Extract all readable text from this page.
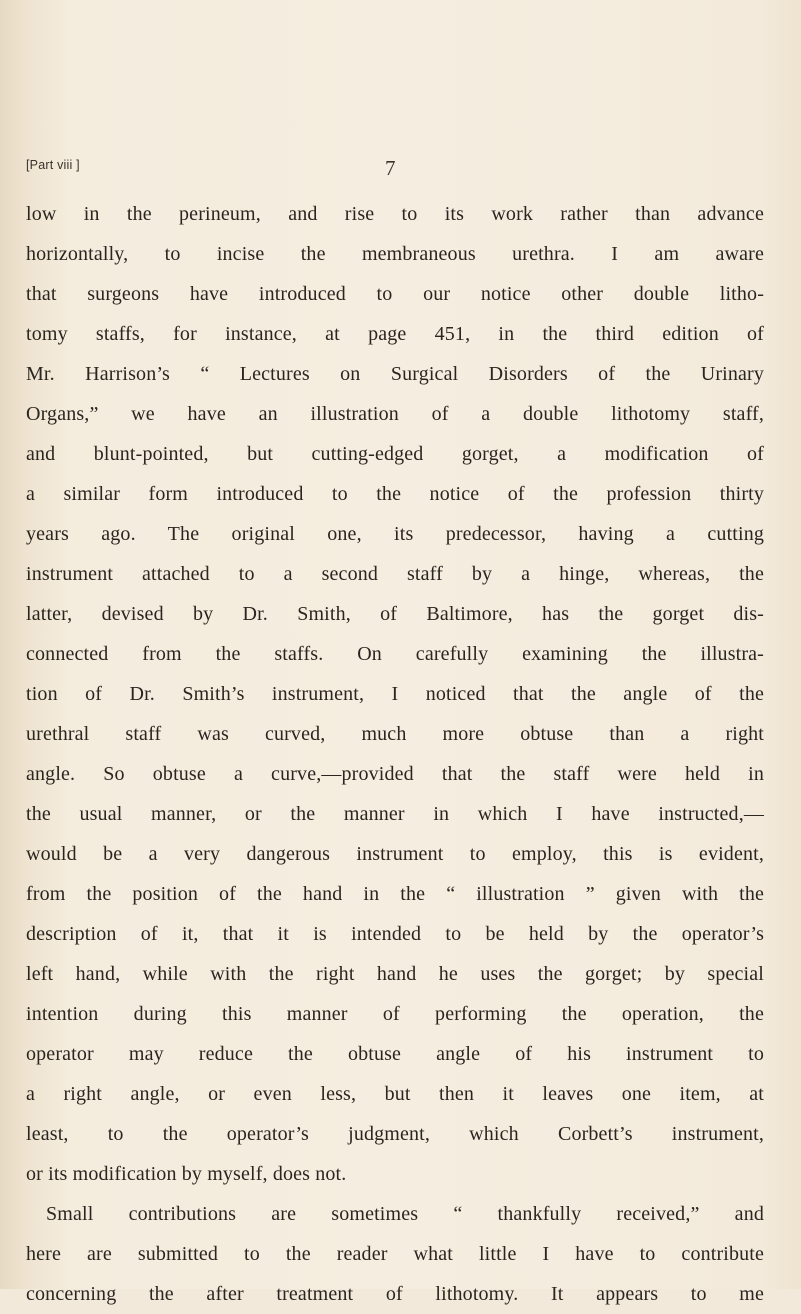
[Part viii ]	7
low in the perineum, and rise to its work rather than advance
horizontally, to incise the membraneous urethra. I am aware
that surgeons have introduced to our notice other double litho-
tomy staffs, for instance, at page 451, in the third edition of
Mr. Harrison’s “ Lectures on Surgical Disorders of the Urinary
Organs,” we have an illustration of a double lithotomy staff,
and blunt-pointed, but cutting-edged gorget, a modification of
a similar form introduced to the notice of the profession thirty
years ago. The original one, its predecessor, having a cutting
instrument attached to a second staff by a hinge, whereas, the
latter, devised by Dr. Smith, of Baltimore, has the gorget dis-
connected from the staffs. On carefully examining the illustra-
tion of Dr. Smith’s instrument, I noticed that the angle of the
urethral staff was curved, much more obtuse than a right
angle. So obtuse a curve,—provided that the staff were held in
the usual manner, or the manner in which I have instructed,—
would be a very dangerous instrument to employ, this is evident,
from the position of the hand in the “ illustration ” given with the
description of it, that it is intended to be held by the operator’s
left hand, while with the right hand he uses the gorget; by special
intention during this manner of performing the operation, the
operator may reduce the obtuse angle of his instrument to
a right angle, or even less, but then it leaves one item, at
least, to the operator’s judgment, which Corbett’s instrument,
or its modification by myself, does not.
Small contributions are sometimes “ thankfully received,” and
here are submitted to the reader what little I have to contribute
concerning the after treatment of lithotomy. It appears to me
